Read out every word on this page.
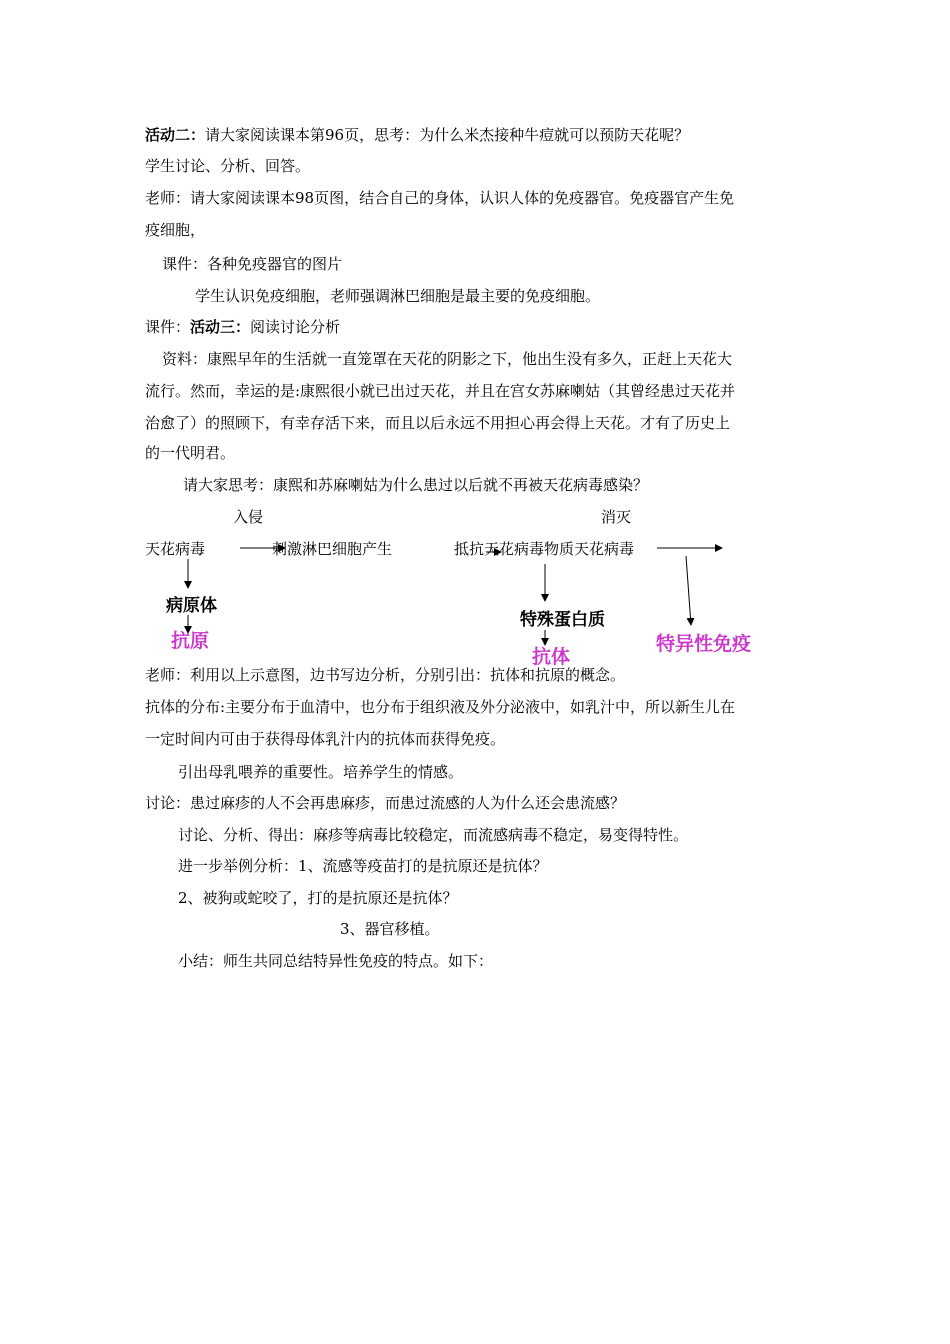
活动二：请大家阅读课本第96页，思考：为什么米杰接种牛痘就可以预防天花呢？

学生讨论、分析、回答。

老师：请大家阅读课本98页图，结合自己的身体，认识人体的免疫器官。免疫器官产生免

疫细胞，

课件：各种免疫器官的图片

学生认识免疫细胞，老师强调淋巴细胞是最主要的免疫细胞。

课件：活动三：阅读讨论分析

资料：康熙早年的生活就一直笼罩在天花的阴影之下，他出生没有多久，正赶上天花大

流行。然而，幸运的是:康熙很小就已出过天花，并且在宫女苏麻喇姑（其曾经患过天花并

治愈了）的照顾下，有幸存活下来，而且以后永远不用担心再会得上天花。才有了历史上

的一代明君。

请大家思考：康熙和苏麻喇姑为什么患过以后就不再被天花病毒感染？

入侵	消灭
天花病毒	刺激淋巴细胞产生	抵抗天花病毒物质天花病毒
病原体
抗原
特殊蛋白质
抗体
特异性免疫

老师：利用以上示意图，边书写边分析，分别引出：抗体和抗原的概念。

抗体的分布:主要分布于血清中，也分布于组织液及外分泌液中，如乳汁中，所以新生儿在

一定时间内可由于获得母体乳汁内的抗体而获得免疫。

引出母乳喂养的重要性。培养学生的情感。

讨论：患过麻疹的人不会再患麻疹，而患过流感的人为什么还会患流感？

讨论、分析、得出：麻疹等病毒比较稳定，而流感病毒不稳定，易变得特性。

进一步举例分析：1、流感等疫苗打的是抗原还是抗体？

2、被狗或蛇咬了，打的是抗原还是抗体？

3、器官移植。

小结：师生共同总结特异性免疫的特点。如下：
